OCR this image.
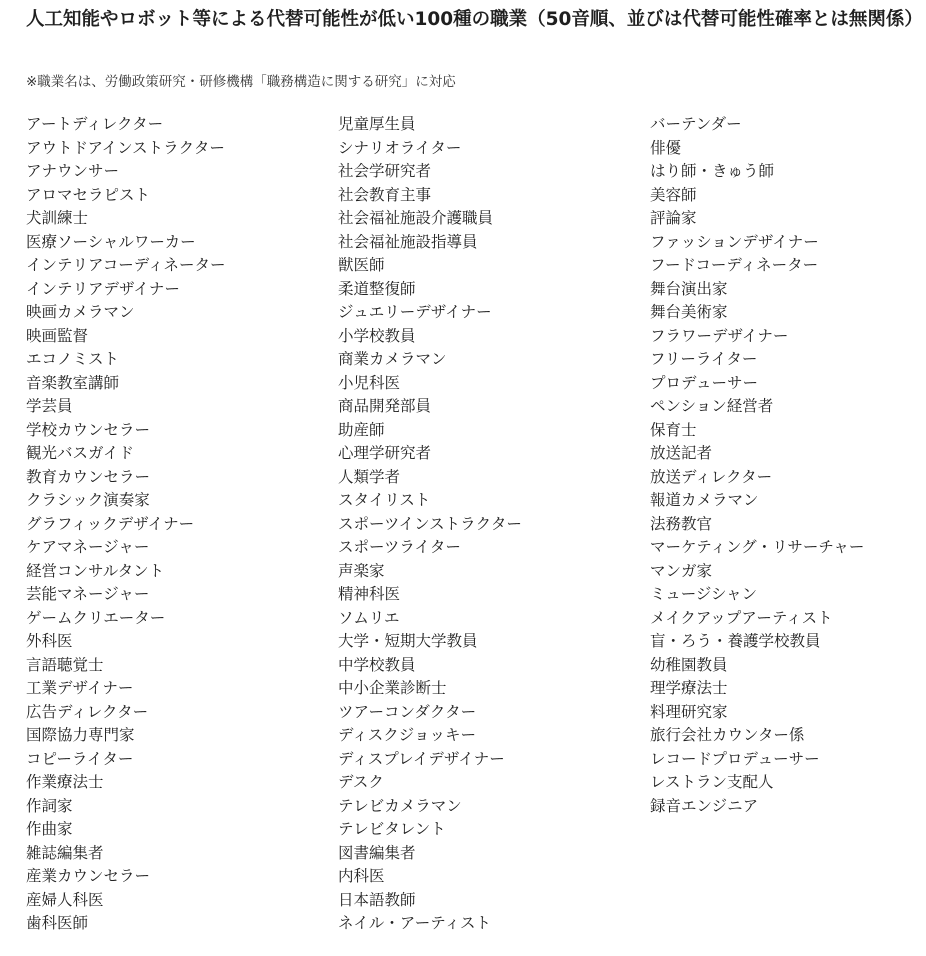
人工知能やロボット等による代替可能性が低い100種の職業（50音順、並びは代替可能性確率とは無関係）
※職業名は、労働政策研究・研修機構「職務構造に関する研究」に対応
アートディレクター
アウトドアインストラクター
アナウンサー
アロマセラピスト
犬訓練士
医療ソーシャルワーカー
インテリアコーディネーター
インテリアデザイナー
映画カメラマン
映画監督
エコノミスト
音楽教室講師
学芸員
学校カウンセラー
観光バスガイド
教育カウンセラー
クラシック演奏家
グラフィックデザイナー
ケアマネージャー
経営コンサルタント
芸能マネージャー
ゲームクリエーター
外科医
言語聴覚士
工業デザイナー
広告ディレクター
国際協力専門家
コピーライター
作業療法士
作詞家
作曲家
雑誌編集者
産業カウンセラー
産婦人科医
歯科医師
児童厚生員
シナリオライター
社会学研究者
社会教育主事
社会福祉施設介護職員
社会福祉施設指導員
獣医師
柔道整復師
ジュエリーデザイナー
小学校教員
商業カメラマン
小児科医
商品開発部員
助産師
心理学研究者
人類学者
スタイリスト
スポーツインストラクター
スポーツライター
声楽家
精神科医
ソムリエ
大学・短期大学教員
中学校教員
中小企業診断士
ツアーコンダクター
ディスクジョッキー
ディスプレイデザイナー
デスク
テレビカメラマン
テレビタレント
図書編集者
内科医
日本語教師
ネイル・アーティスト
バーテンダー
俳優
はり師・きゅう師
美容師
評論家
ファッションデザイナー
フードコーディネーター
舞台演出家
舞台美術家
フラワーデザイナー
フリーライター
プロデューサー
ペンション経営者
保育士
放送記者
放送ディレクター
報道カメラマン
法務教官
マーケティング・リサーチャー
マンガ家
ミュージシャン
メイクアップアーティスト
盲・ろう・養護学校教員
幼稚園教員
理学療法士
料理研究家
旅行会社カウンター係
レコードプロデューサー
レストラン支配人
録音エンジニア
